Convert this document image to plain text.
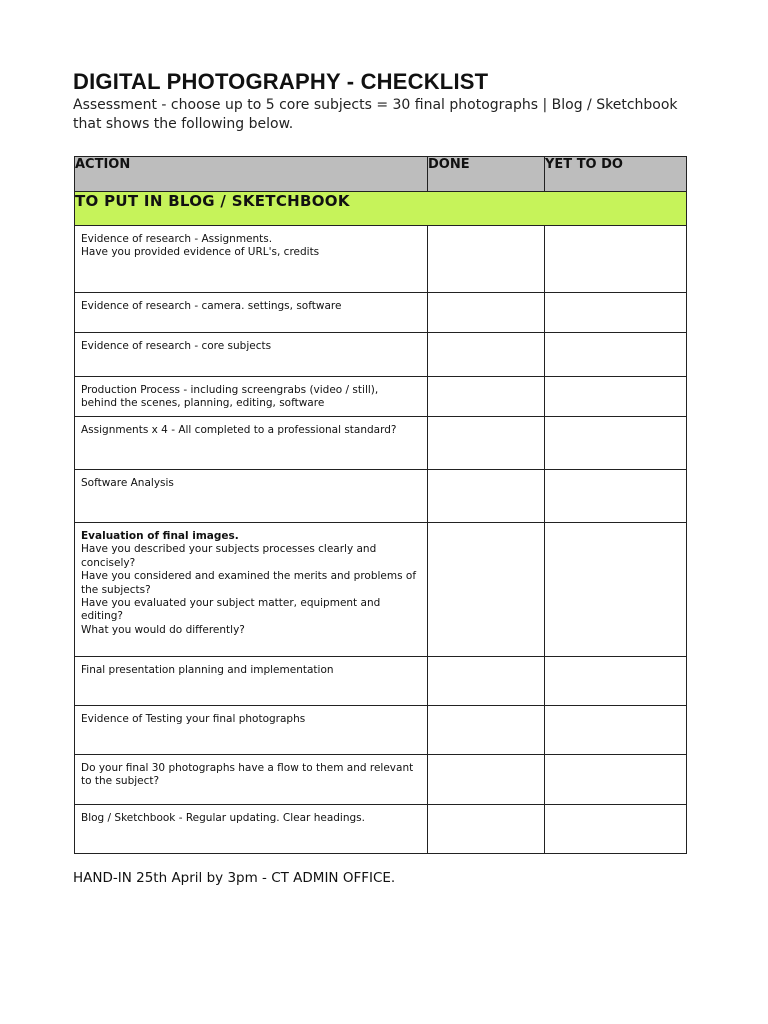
DIGITAL PHOTOGRAPHY - CHECKLIST

Assessment - choose up to 5 core subjects = 30 final photographs | Blog / Sketchbook that shows the following below.

ACTION	DONE	YET TO DO
TO PUT IN BLOG / SKETCHBOOK		

Evidence of research - Assignments.
Have you provided evidence of URL's, credits		

Evidence of research - camera. settings, software		

Evidence of research - core subjects		

Production Process - including screengrabs (video / still),
behind the scenes, planning, editing, software		

Assignments x 4 - All completed to a professional standard?		

Software Analysis		

Evaluation of final images.
Have you described your subjects processes clearly and concisely?
Have you considered and examined the merits and problems of the subjects?
Have you evaluated your subject matter, equipment and editing?
What you would do differently?		

Final presentation planning and implementation		

Evidence of Testing your final photographs		

Do your final 30 photographs have a flow to them and relevant to the subject?		

Blog / Sketchbook - Regular updating. Clear headings.		

HAND-IN 25th April by 3pm - CT ADMIN OFFICE.
